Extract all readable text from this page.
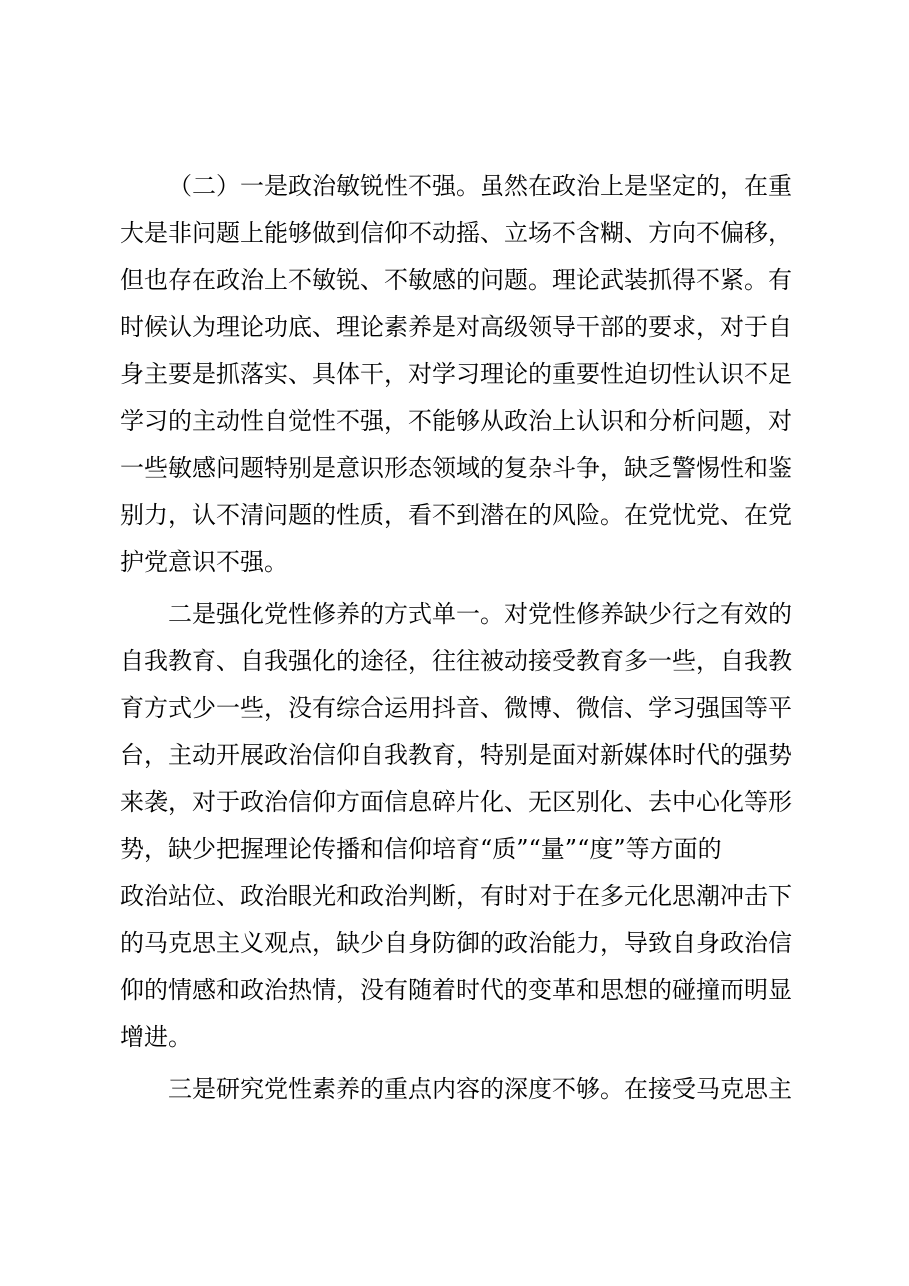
（二）一是政治敏锐性不强。虽然在政治上是坚定的，在重
大是非问题上能够做到信仰不动摇、立场不含糊、方向不偏移，
但也存在政治上不敏锐、不敏感的问题。理论武装抓得不紧。有
时候认为理论功底、理论素养是对高级领导干部的要求，对于自
身主要是抓落实、具体干，对学习理论的重要性迫切性认识不足
学习的主动性自觉性不强，不能够从政治上认识和分析问题，对
一些敏感问题特别是意识形态领域的复杂斗争，缺乏警惕性和鉴
别力，认不清问题的性质，看不到潜在的风险。在党忧党、在党
护党意识不强。
二是强化党性修养的方式单一。对党性修养缺少行之有效的
自我教育、自我强化的途径，往往被动接受教育多一些，自我教
育方式少一些，没有综合运用抖音、微博、微信、学习强国等平
台，主动开展政治信仰自我教育，特别是面对新媒体时代的强势
来袭，对于政治信仰方面信息碎片化、无区别化、去中心化等形
势，缺少把握理论传播和信仰培育“质”“量”“度”等方面的
政治站位、政治眼光和政治判断，有时对于在多元化思潮冲击下
的马克思主义观点，缺少自身防御的政治能力，导致自身政治信
仰的情感和政治热情，没有随着时代的变革和思想的碰撞而明显
增进。
三是研究党性素养的重点内容的深度不够。在接受马克思主
